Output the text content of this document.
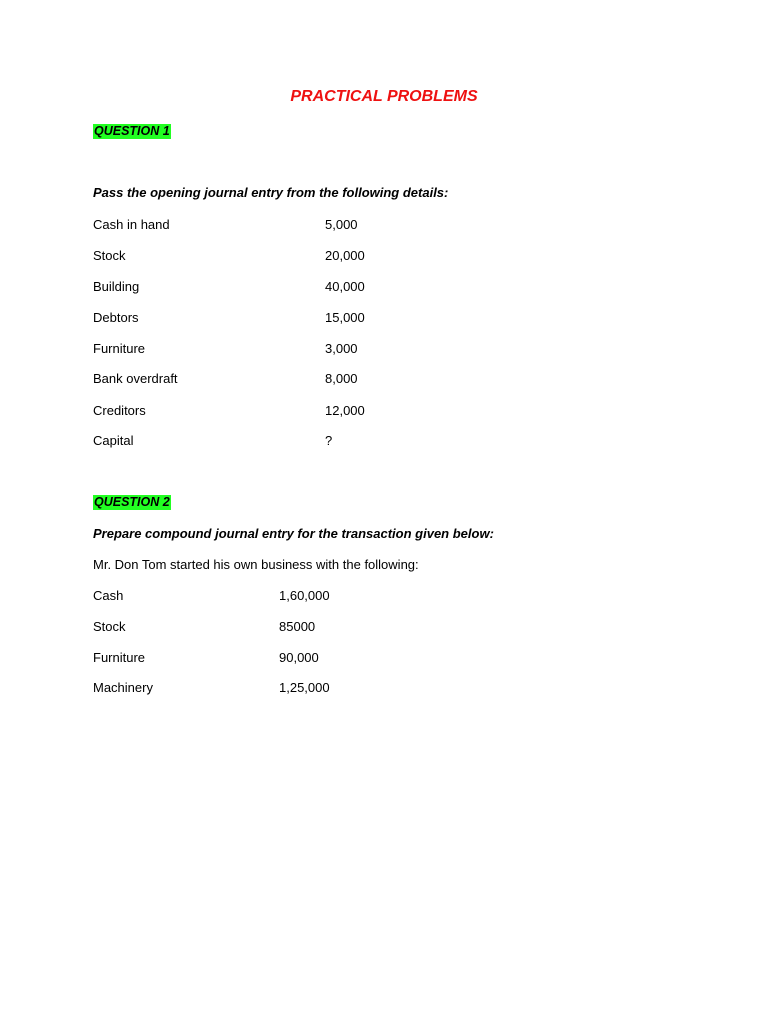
PRACTICAL PROBLEMS
QUESTION 1
Pass the opening journal entry from the following details:
Cash in hand	5,000
Stock	20,000
Building	40,000
Debtors	15,000
Furniture	3,000
Bank overdraft	8,000
Creditors	12,000
Capital	?
QUESTION 2
Prepare compound journal entry for the transaction given below:
Mr. Don Tom started his own business with the following:
Cash	1,60,000
Stock	85000
Furniture	90,000
Machinery	1,25,000
